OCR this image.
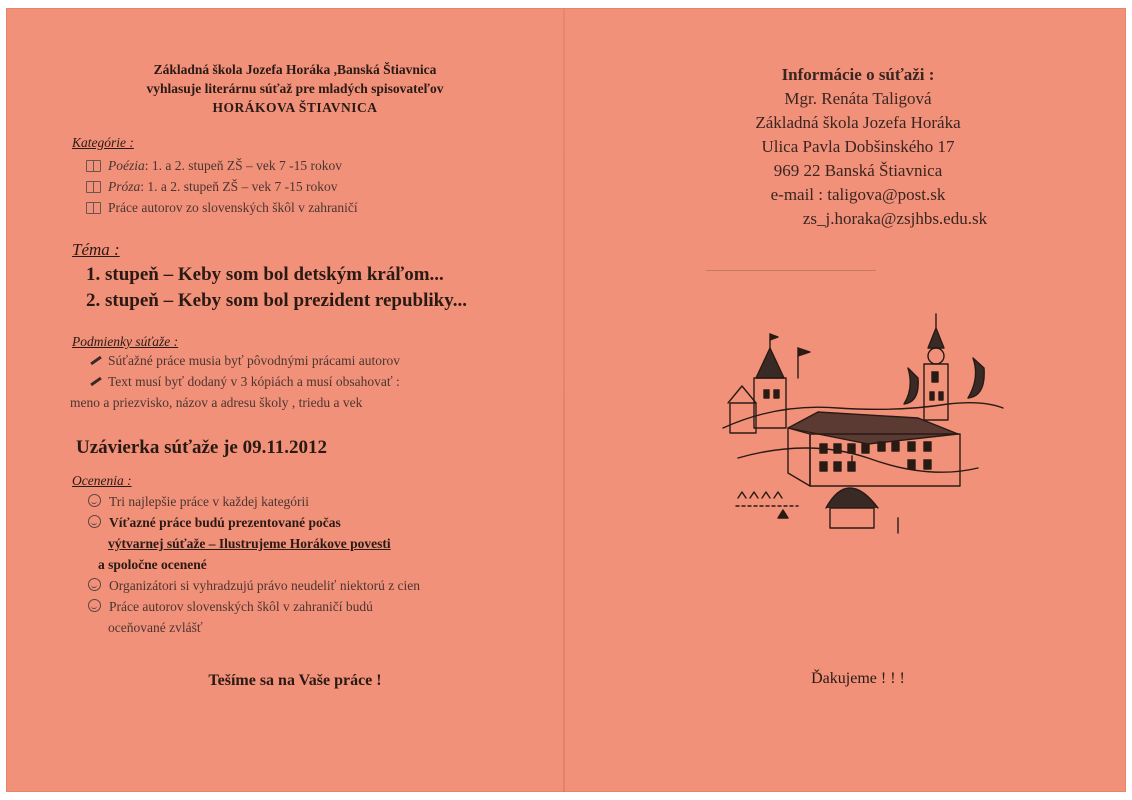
Základná škola Jozefa Horáka ,Banská Štiavnica
vyhlasuje literárnu súťaž pre mladých spisovateľov
HORÁKOVA ŠTIAVNICA
Kategórie :
Poézia : 1. a 2. stupeň ZŠ – vek 7 -15 rokov
Próza : 1. a 2. stupeň ZŠ – vek 7 -15 rokov
Práce autorov zo slovenských škôl v zahraničí
Téma :
1. stupeň – Keby som bol detským kráľom...
2. stupeň – Keby som bol prezident republiky...
Podmienky súťaže :
Súťažné práce musia byť pôvodnými prácami autorov
Text musí byť dodaný v 3 kópiách a musí obsahovať :
meno a priezvisko, názov a adresu školy , triedu a vek
Uzávierka súťaže je 09.11.2012
Ocenenia :
Tri najlepšie práce v každej kategórii
Víťazné práce budú prezentované počas
výtvarnej súťaže – Ilustrujeme Horákove povesti
a spoločne ocenené
Organizátori si vyhradzujú právo neudeliť niektorú z cien
Práce autorov slovenských škôl v zahraničí budú
oceňované zvlášť
Tešíme sa na Vaše práce !
Informácie o súťaži :
Mgr. Renáta Taligová
Základná škola Jozefa Horáka
Ulica Pavla Dobšinského 17
969 22 Banská Štiavnica
e-mail : taligova@post.sk
zs_j.horaka@zsjhbs.edu.sk
Ďakujeme ! ! !
